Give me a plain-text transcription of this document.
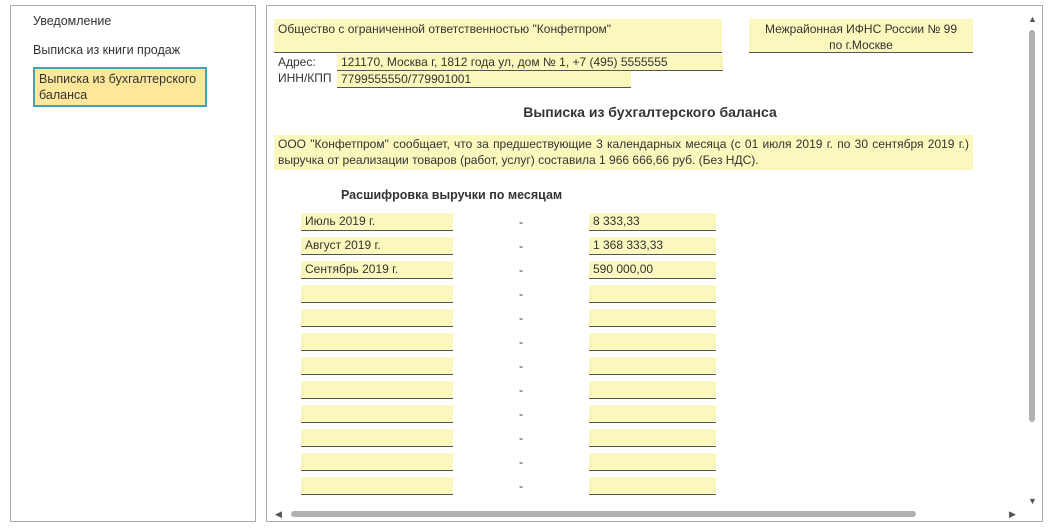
Уведомление
Выписка из книги продаж
Выписка из бухгалтерского баланса
Общество с ограниченной ответственностью "Конфетпром"	Межрайонная ИФНС России № 99
по г.Москве
Адрес:	121170, Москва г, 1812 года ул, дом № 1, +7 (495) 5555555
ИНН/КПП 7799555550/779901001
Выписка из бухгалтерского баланса
ООО "Конфетпром" сообщает, что за предшествующие 3 календарных месяца (с 01 июля 2019 г. по 30 сентября 2019 г.) выручка от реализации товаров (работ, услуг) составила 1 966 666,66 руб. (Без НДС).
Расшифровка выручки по месяцам
Июль 2019 г.	-	8 333,33
Август 2019 г.	-	1 368 333,33
Сентябрь 2019 г.	-	590 000,00
-
-
-
-
-
-
-
-
-
▲
▼
◀	▶
